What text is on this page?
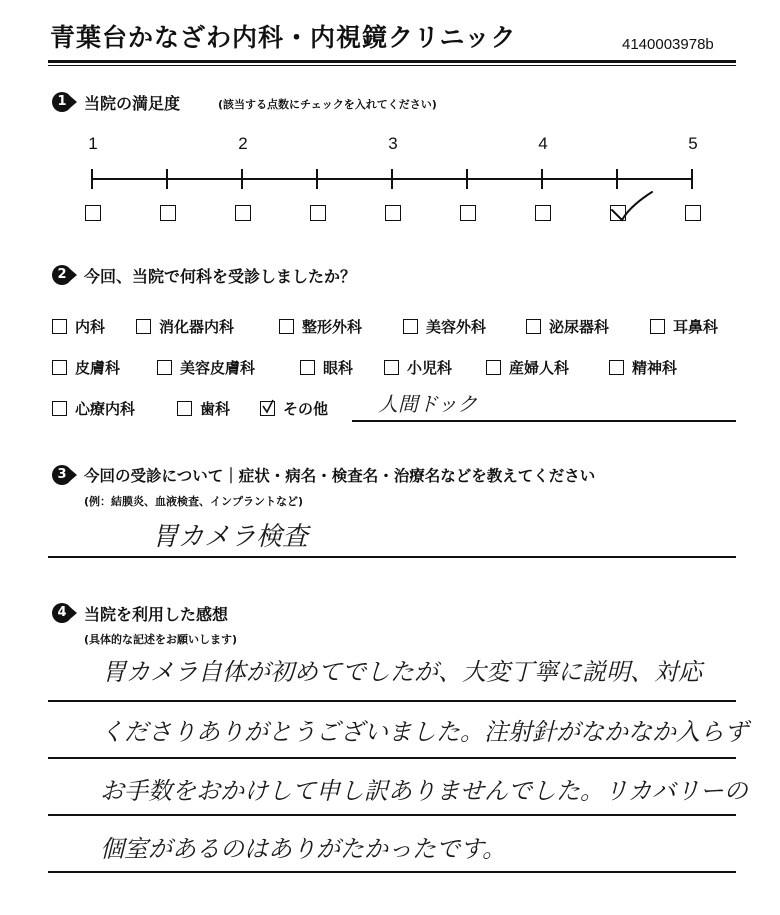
青葉台かなざわ内科・内視鏡クリニック	4140003978b
1	当院の満足度	(該当する点数にチェックを入れてください)
1	2	3	4	5
2	今回、当院で何科を受診しましたか？
内科	消化器内科	整形外科	美容外科	泌尿器科	耳鼻科
皮膚科	美容皮膚科	眼科	小児科	産婦人科	精神科
心療内科	歯科	その他 人間ドック
3	今回の受診について｜症状・病名・検査名・治療名などを教えてください
(例：結膜炎、血液検査、インプラントなど)
胃カメラ検査
4	当院を利用した感想
(具体的な記述をお願いします)
胃カメラ自体が初めてでしたが、大変丁寧に説明、対応
くださりありがとうございました。注射針がなかなか入らず
お手数をおかけして申し訳ありませんでした。リカバリーの
個室があるのはありがたかったです。
